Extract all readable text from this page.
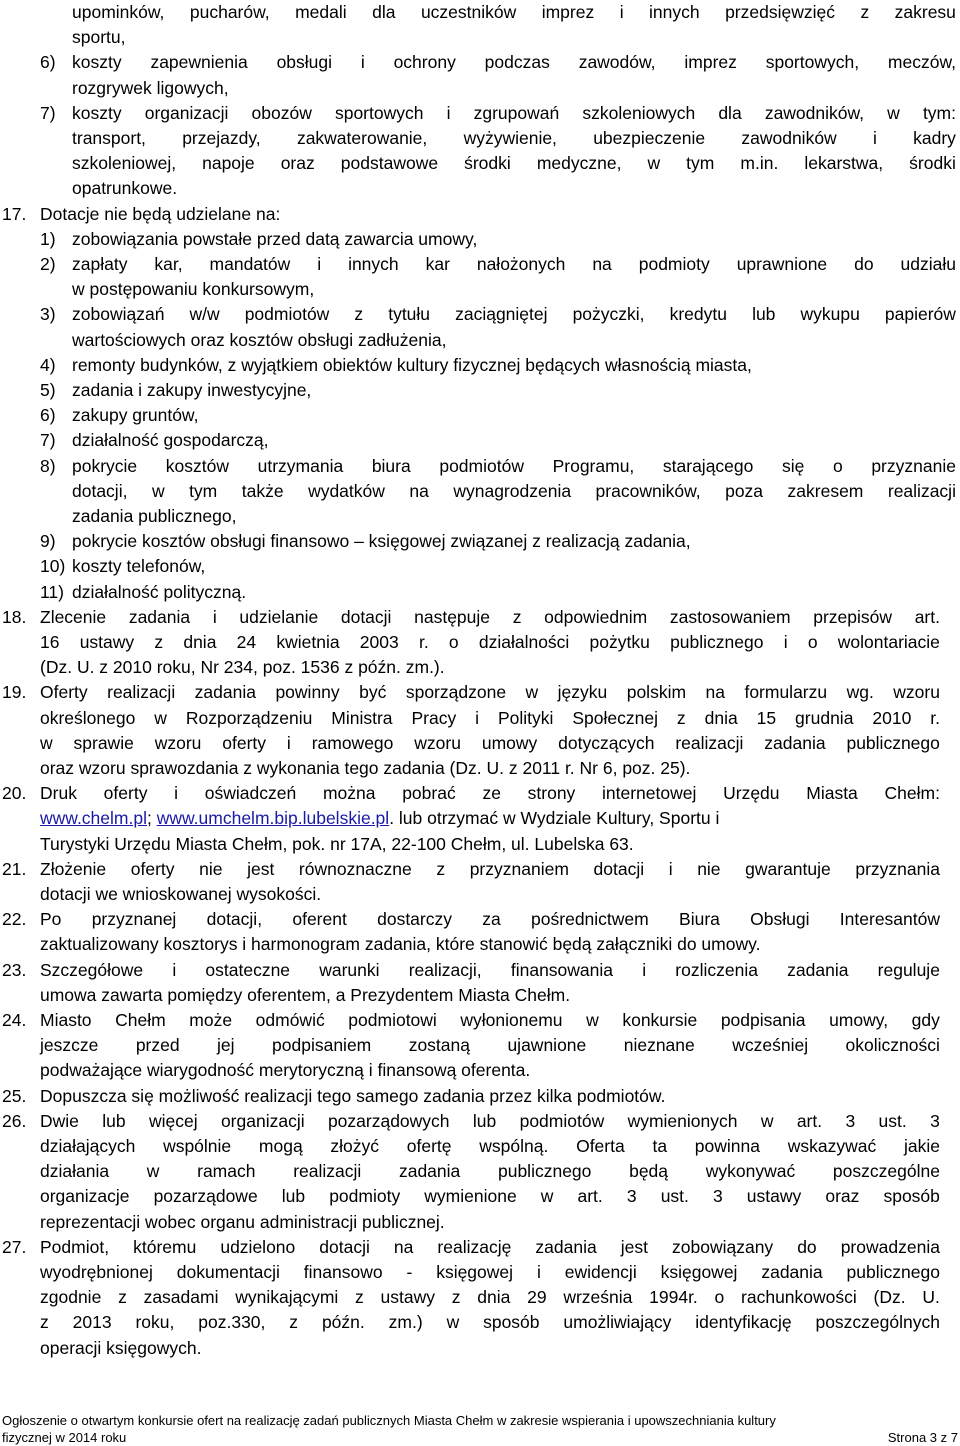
upominków, pucharów, medali dla uczestników imprez i innych przedsięwzięć z zakresu
sportu,
6) koszty zapewnienia obsługi i ochrony podczas zawodów, imprez sportowych, meczów,
rozgrywek ligowych,
7) koszty organizacji obozów sportowych i zgrupowań szkoleniowych dla zawodników, w tym:
transport, przejazdy, zakwaterowanie, wyżywienie, ubezpieczenie zawodników i kadry
szkoleniowej, napoje oraz podstawowe środki medyczne, w tym m.in. lekarstwa, środki
opatrunkowe.
17. Dotacje nie będą udzielane na:
1) zobowiązania powstałe przed datą zawarcia umowy,
2) zapłaty kar, mandatów i innych kar nałożonych na podmioty uprawnione do udziału
w postępowaniu konkursowym,
3) zobowiązań w/w podmiotów z tytułu zaciągniętej pożyczki, kredytu lub wykupu papierów
wartościowych oraz kosztów obsługi zadłużenia,
4) remonty budynków, z wyjątkiem obiektów kultury fizycznej będących własnością miasta,
5) zadania i zakupy inwestycyjne,
6) zakupy gruntów,
7) działalność gospodarczą,
8) pokrycie kosztów utrzymania biura podmiotów Programu, starającego się o przyznanie
dotacji, w tym także wydatków na wynagrodzenia pracowników, poza zakresem realizacji
zadania publicznego,
9) pokrycie kosztów obsługi finansowo – księgowej związanej z realizacją zadania,
10) koszty telefonów,
11) działalność polityczną.
18. Zlecenie zadania i udzielanie dotacji następuje z odpowiednim zastosowaniem przepisów art.
16 ustawy z dnia 24 kwietnia 2003 r. o działalności pożytku publicznego i o wolontariacie
(Dz. U. z 2010 roku, Nr 234, poz. 1536 z późn. zm.).
19. Oferty realizacji zadania powinny być sporządzone w języku polskim na formularzu wg. wzoru
określonego w Rozporządzeniu Ministra Pracy i Polityki Społecznej z dnia 15 grudnia 2010 r.
w sprawie wzoru oferty i ramowego wzoru umowy dotyczących realizacji zadania publicznego
oraz wzoru sprawozdania z wykonania tego zadania (Dz. U. z 2011 r. Nr 6, poz. 25).
20. Druk oferty i oświadczeń można pobrać ze strony internetowej Urzędu Miasta Chełm:
www.chelm.pl; www.umchelm.bip.lubelskie.pl. lub otrzymać w Wydziale Kultury, Sportu i
Turystyki Urzędu Miasta Chełm, pok. nr 17A, 22-100 Chełm, ul. Lubelska 63.
21. Złożenie oferty nie jest równoznaczne z przyznaniem dotacji i nie gwarantuje przyznania
dotacji we wnioskowanej wysokości.
22. Po przyznanej dotacji, oferent dostarczy za pośrednictwem Biura Obsługi Interesantów
zaktualizowany kosztorys i harmonogram zadania, które stanowić będą załączniki do umowy.
23. Szczegółowe i ostateczne warunki realizacji, finansowania i rozliczenia zadania reguluje
umowa zawarta pomiędzy oferentem, a Prezydentem Miasta Chełm.
24. Miasto Chełm może odmówić podmiotowi wyłonionemu w konkursie podpisania umowy, gdy
jeszcze przed jej podpisaniem zostaną ujawnione nieznane wcześniej okoliczności
podważające wiarygodność merytoryczną i finansową oferenta.
25. Dopuszcza się możliwość realizacji tego samego zadania przez kilka podmiotów.
26. Dwie lub więcej organizacji pozarządowych lub podmiotów wymienionych w art. 3 ust. 3
działających wspólnie mogą złożyć ofertę wspólną. Oferta ta powinna wskazywać jakie
działania w ramach realizacji zadania publicznego będą wykonywać poszczególne
organizacje pozarządowe lub podmioty wymienione w art. 3 ust. 3 ustawy oraz sposób
reprezentacji wobec organu administracji publicznej.
27. Podmiot, któremu udzielono dotacji na realizację zadania jest zobowiązany do prowadzenia
wyodrębnionej dokumentacji finansowo - księgowej i ewidencji księgowej zadania publicznego
zgodnie z zasadami wynikającymi z ustawy z dnia 29 września 1994r. o rachunkowości (Dz. U.
z 2013 roku, poz.330, z późn. zm.) w sposób umożliwiający identyfikację poszczególnych
operacji księgowych.
Ogłoszenie o otwartym konkursie ofert na realizację zadań publicznych Miasta Chełm w zakresie wspierania i upowszechniania kultury
fizycznej w 2014 roku	Strona 3 z 7
